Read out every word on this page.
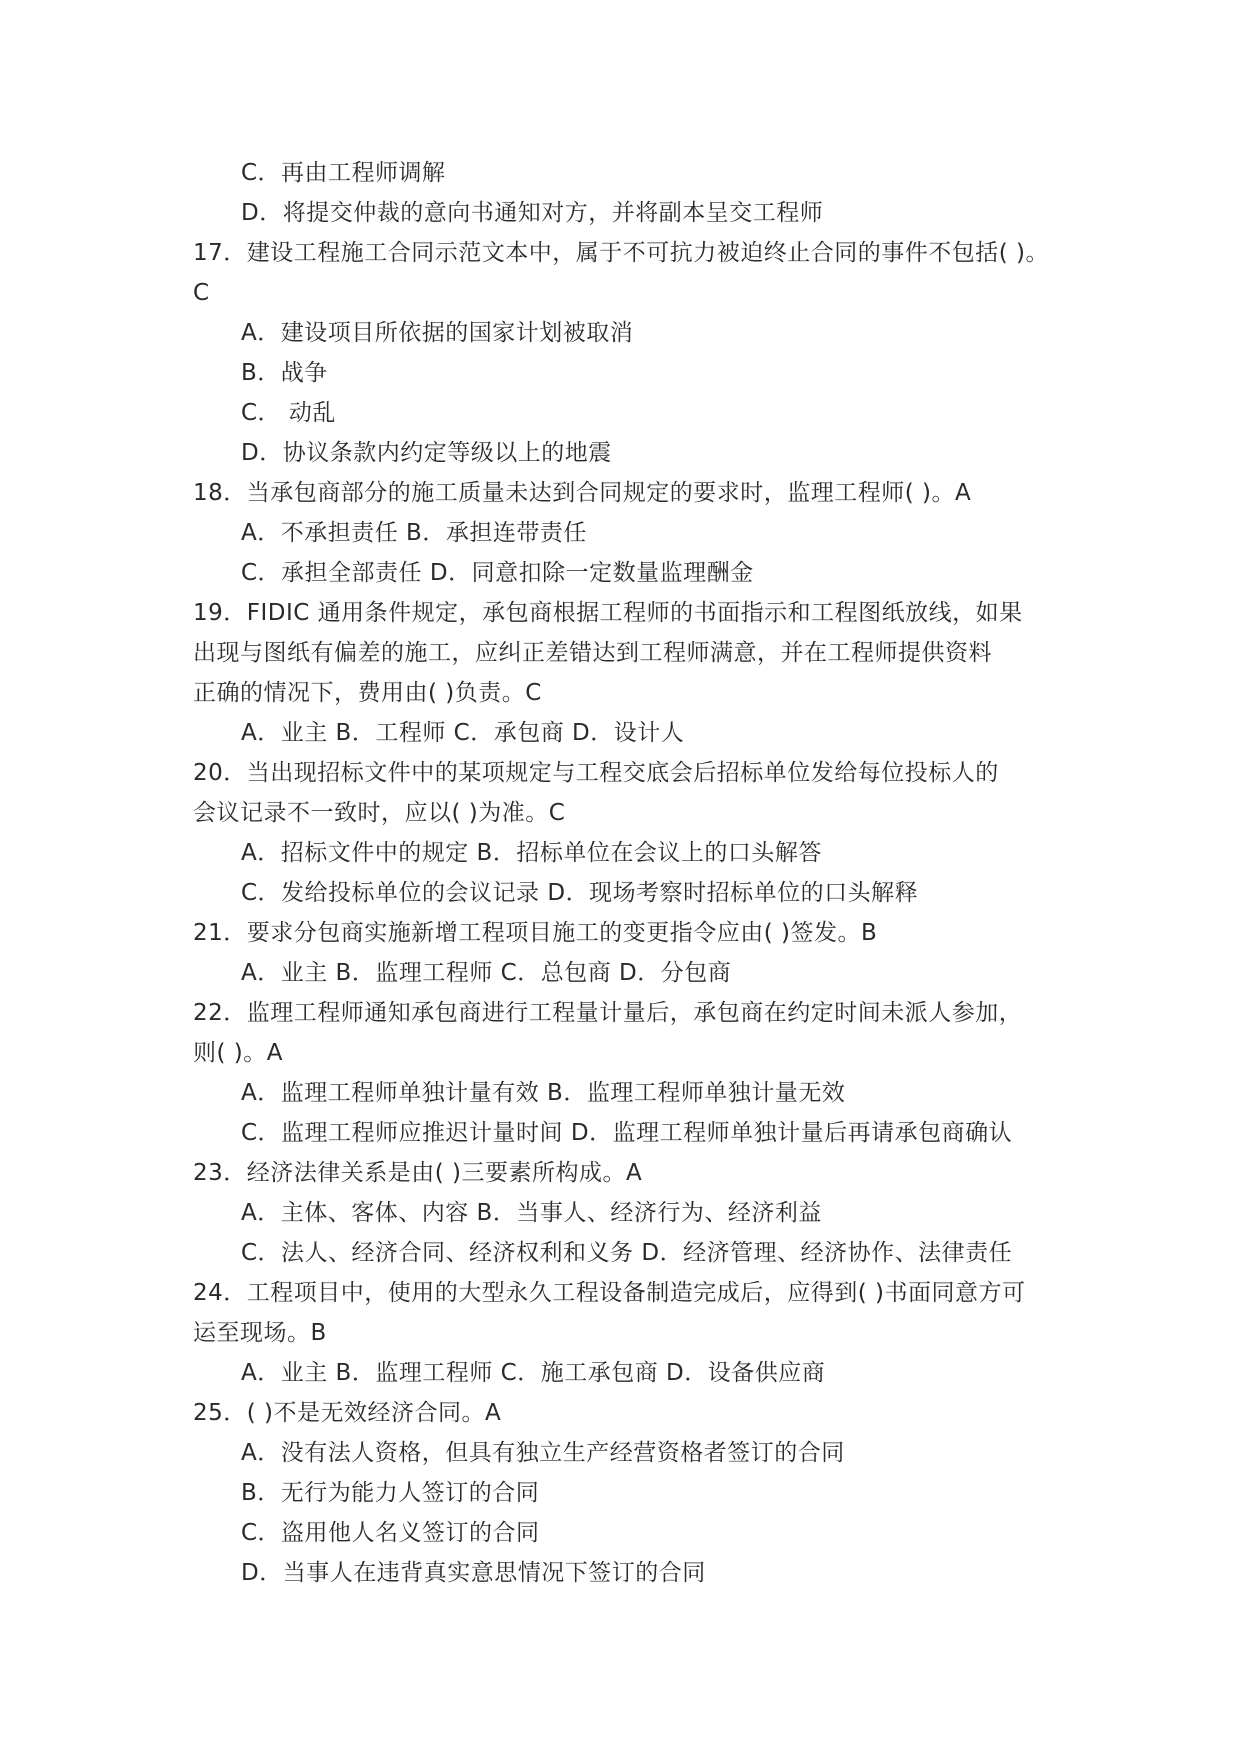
C．再由工程师调解
D．将提交仲裁的意向书通知对方，并将副本呈交工程师
17．建设工程施工合同示范文本中，属于不可抗力被迫终止合同的事件不包括( )。
C
A．建设项目所依据的国家计划被取消
B．战争
C． 动乱
D．协议条款内约定等级以上的地震
18．当承包商部分的施工质量未达到合同规定的要求时，监理工程师( )。A
A．不承担责任 B．承担连带责任
C．承担全部责任 D．同意扣除一定数量监理酬金
19．FIDIC 通用条件规定，承包商根据工程师的书面指示和工程图纸放线，如果
出现与图纸有偏差的施工，应纠正差错达到工程师满意，并在工程师提供资料
正确的情况下，费用由( )负责。C
A．业主 B．工程师 C．承包商 D．设计人
20．当出现招标文件中的某项规定与工程交底会后招标单位发给每位投标人的
会议记录不一致时，应以( )为准。C
A．招标文件中的规定 B．招标单位在会议上的口头解答
C．发给投标单位的会议记录 D．现场考察时招标单位的口头解释
21．要求分包商实施新增工程项目施工的变更指令应由( )签发。B
A．业主 B．监理工程师 C．总包商 D．分包商
22．监理工程师通知承包商进行工程量计量后，承包商在约定时间未派人参加，
则( )。A
A．监理工程师单独计量有效 B．监理工程师单独计量无效
C．监理工程师应推迟计量时间 D．监理工程师单独计量后再请承包商确认
23．经济法律关系是由( )三要素所构成。A
A．主体、客体、内容 B．当事人、经济行为、经济利益
C．法人、经济合同、经济权利和义务 D．经济管理、经济协作、法律责任
24．工程项目中，使用的大型永久工程设备制造完成后，应得到( )书面同意方可
运至现场。B
A．业主 B．监理工程师 C．施工承包商 D．设备供应商
25．( )不是无效经济合同。A
A．没有法人资格，但具有独立生产经营资格者签订的合同
B．无行为能力人签订的合同
C．盗用他人名义签订的合同
D．当事人在违背真实意思情况下签订的合同
